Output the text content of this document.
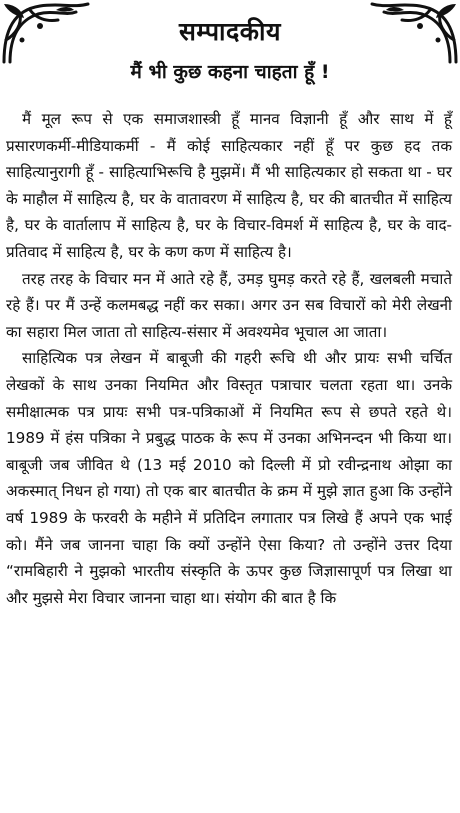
सम्पादकीय
मैं भी कुछ कहना चाहता हूँ !

मैं मूल रूप से एक समाजशास्त्री हूँ मानव विज्ञानी हूँ और साथ में हूँ प्रसारणकर्मी-मीडियाकर्मी - मैं कोई साहित्यकार नहीं हूँ पर कुछ हद तक साहित्यानुरागी हूँ - साहित्याभिरूचि है मुझमें। मैं भी साहित्यकार हो सकता था - घर के माहौल में साहित्य है, घर के वातावरण में साहित्य है, घर की बातचीत में साहित्य है, घर के वार्तालाप में साहित्य है, घर के विचार-विमर्श में साहित्य है, घर के वाद-प्रतिवाद में साहित्य है, घर के कण कण में साहित्य है।

तरह तरह के विचार मन में आते रहे हैं, उमड़ घुमड़ करते रहे हैं, खलबली मचाते रहे हैं। पर मैं उन्हें कलमबद्ध नहीं कर सका। अगर उन सब विचारों को मेरी लेखनी का सहारा मिल जाता तो साहित्य-संसार में अवश्यमेव भूचाल आ जाता।

साहित्यिक पत्र लेखन में बाबूजी की गहरी रूचि थी और प्रायः सभी चर्चित लेखकों के साथ उनका नियमित और विस्तृत पत्राचार चलता रहता था। उनके समीक्षात्मक पत्र प्रायः सभी पत्र-पत्रिकाओं में नियमित रूप से छपते रहते थे। 1989 में हंस पत्रिका ने प्रबुद्ध पाठक के रूप में उनका अभिनन्दन भी किया था। बाबूजी जब जीवित थे (13 मई 2010 को दिल्ली में प्रो रवीन्द्रनाथ ओझा का अकस्मात् निधन हो गया) तो एक बार बातचीत के क्रम में मुझे ज्ञात हुआ कि उन्होंने वर्ष 1989 के फरवरी के महीने में प्रतिदिन लगातार पत्र लिखे हैं अपने एक भाई को। मैंने जब जानना चाहा कि क्यों उन्होंने ऐसा किया? तो उन्होंने उत्तर दिया “रामबिहारी ने मुझको भारतीय संस्कृति के ऊपर कुछ जिज्ञासापूर्ण पत्र लिखा था और मुझसे मेरा विचार जानना चाहा था। संयोग की बात है कि
